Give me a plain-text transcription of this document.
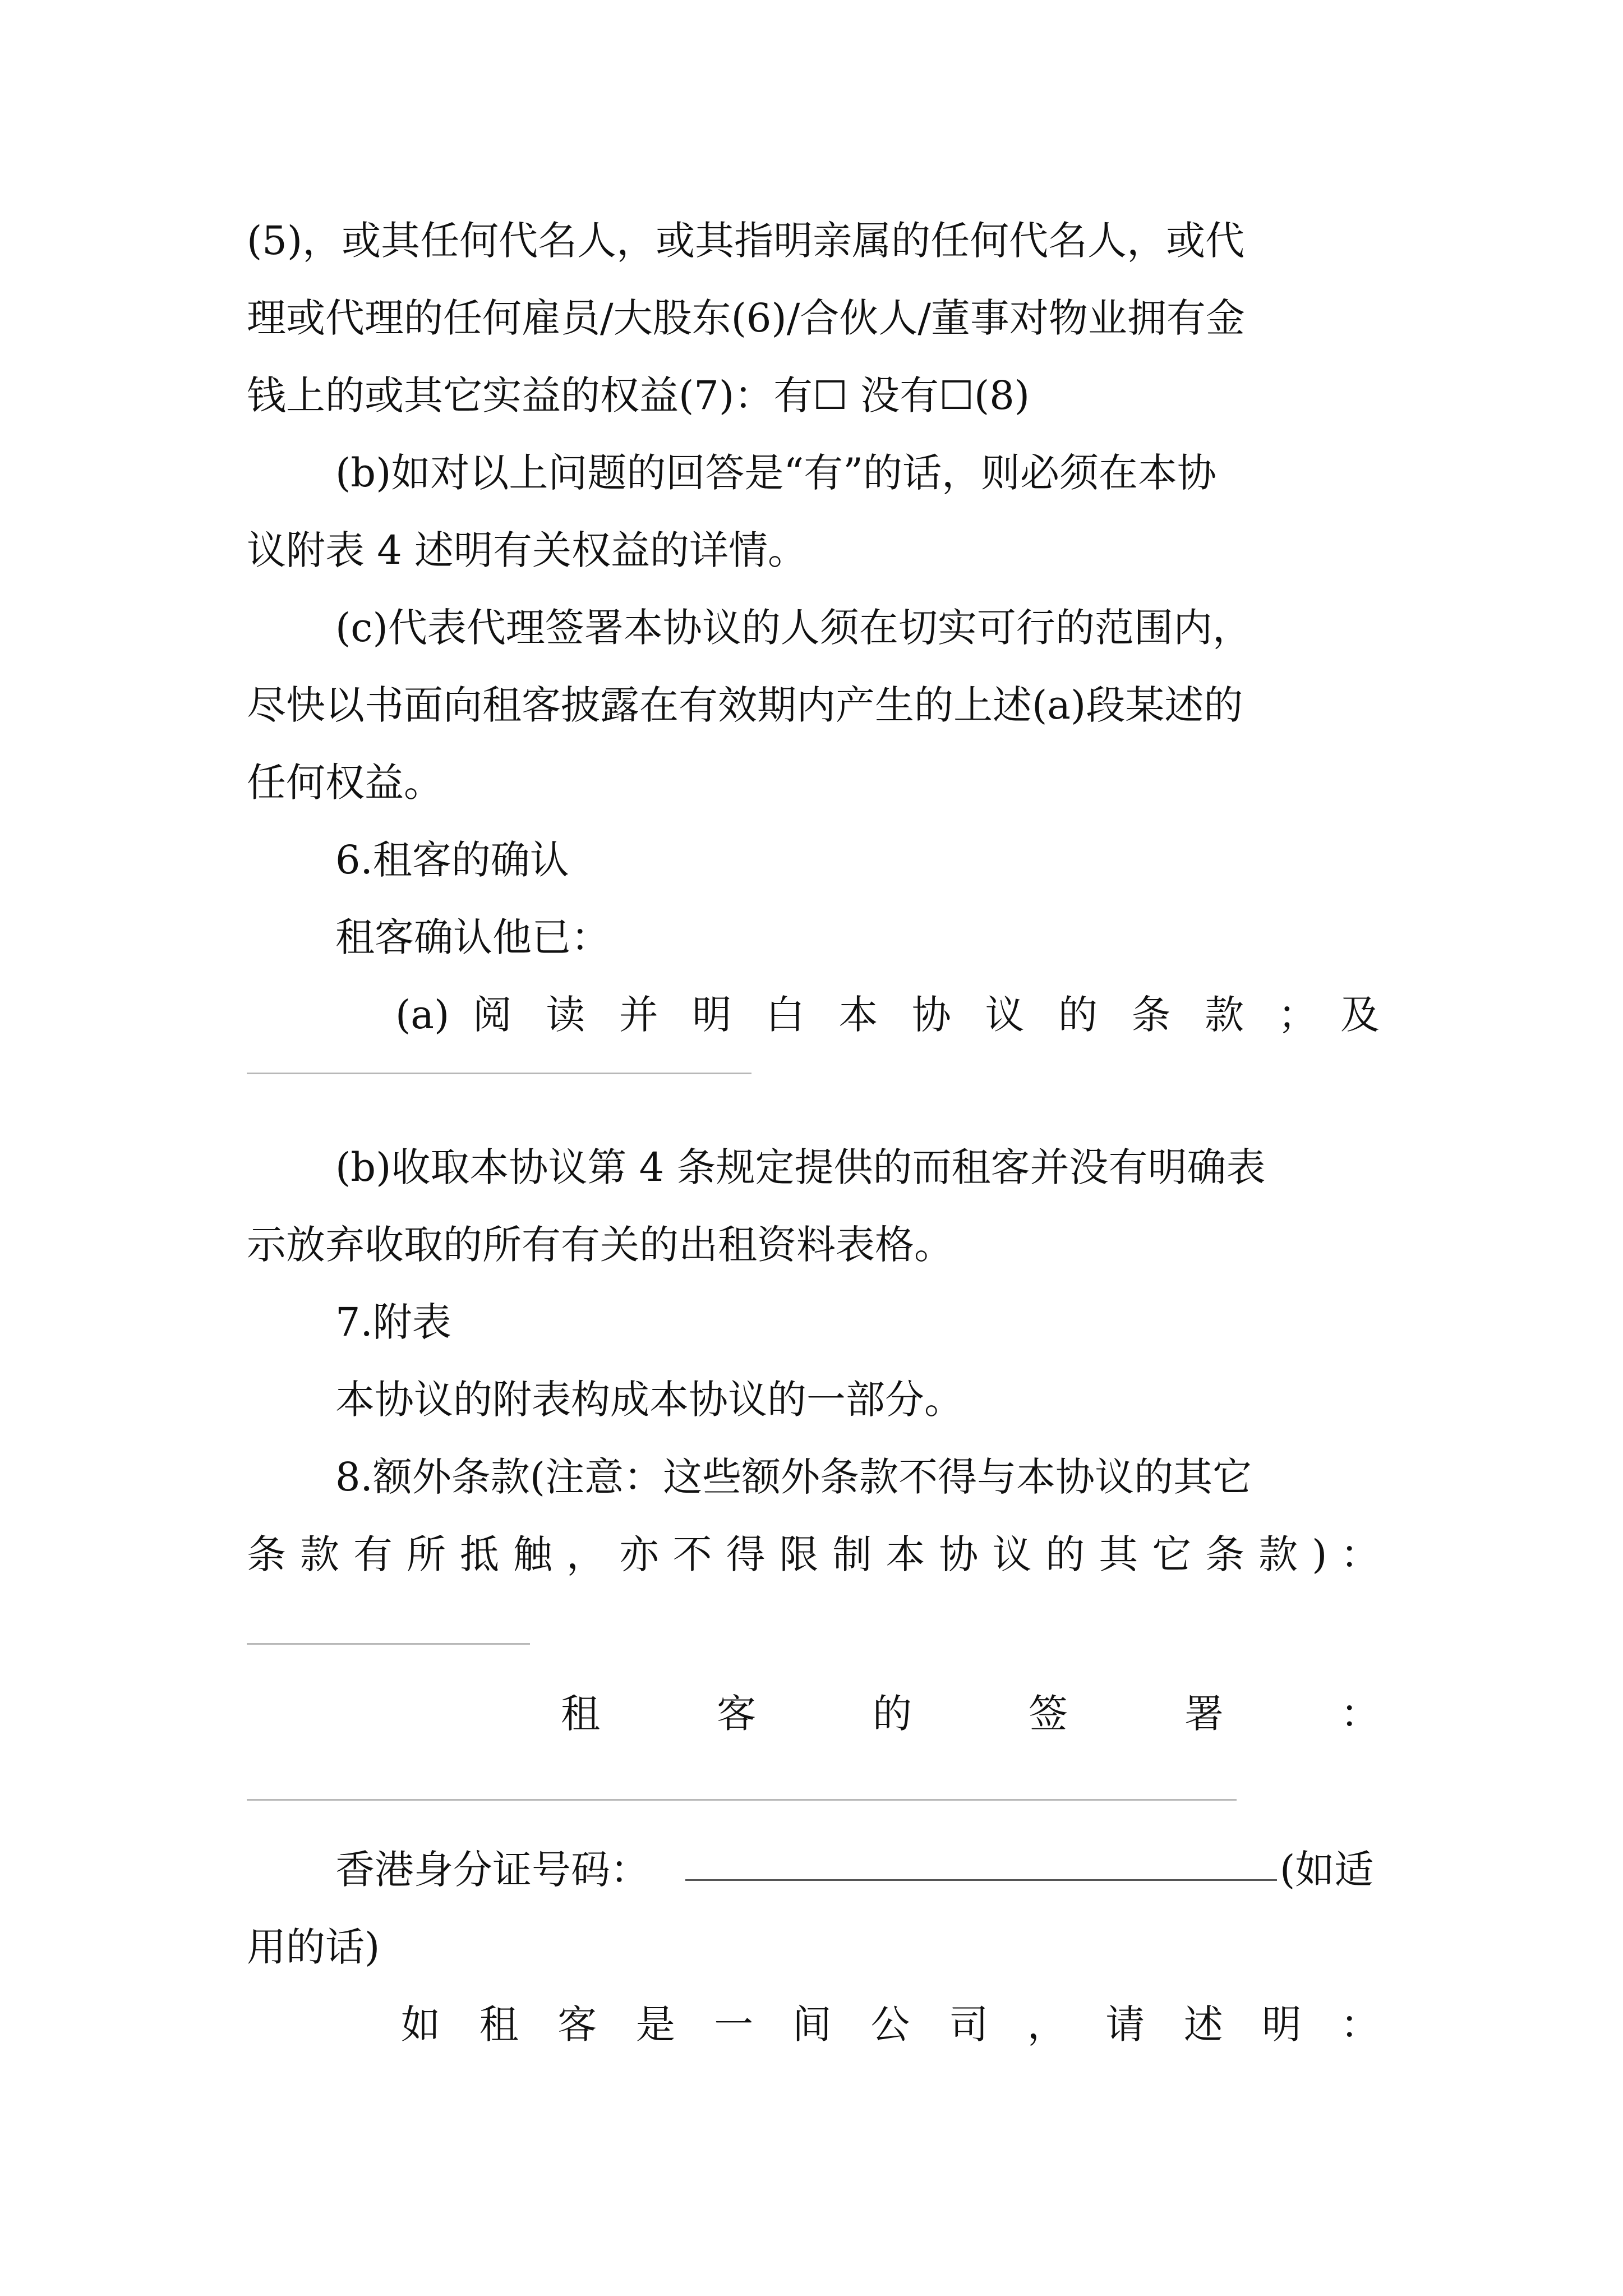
(5)，或其任何代名人，或其指明亲属的任何代名人，或代
理或代理的任何雇员/大股东(6)/合伙人/董事对物业拥有金
钱上的或其它实益的权益(7)：有☐ 没有☐(8)
(b)如对以上问题的回答是“有”的话，则必须在本协
议附表 4 述明有关权益的详情。
(c)代表代理签署本协议的人须在切实可行的范围内，
尽快以书面向租客披露在有效期内产生的上述(a)段某述的
任何权益。
6.租客的确认
租客确认他已：
(a) 阅 读 并 明 白 本 协 议 的 条 款 ； 及
(b)收取本协议第 4 条规定提供的而租客并没有明确表
示放弃收取的所有有关的出租资料表格。
7.附表
本协议的附表构成本协议的一部分。
8.额外条款(注意：这些额外条款不得与本协议的其它
条 款 有 所 抵 触 ， 亦 不 得 限 制 本 协 议 的 其 它 条 款 ) ：
租 客 的 签 署 ：
香港身分证号码：	(如适
用的话)
如 租 客 是 一 间 公 司 ， 请 述 明 ：
